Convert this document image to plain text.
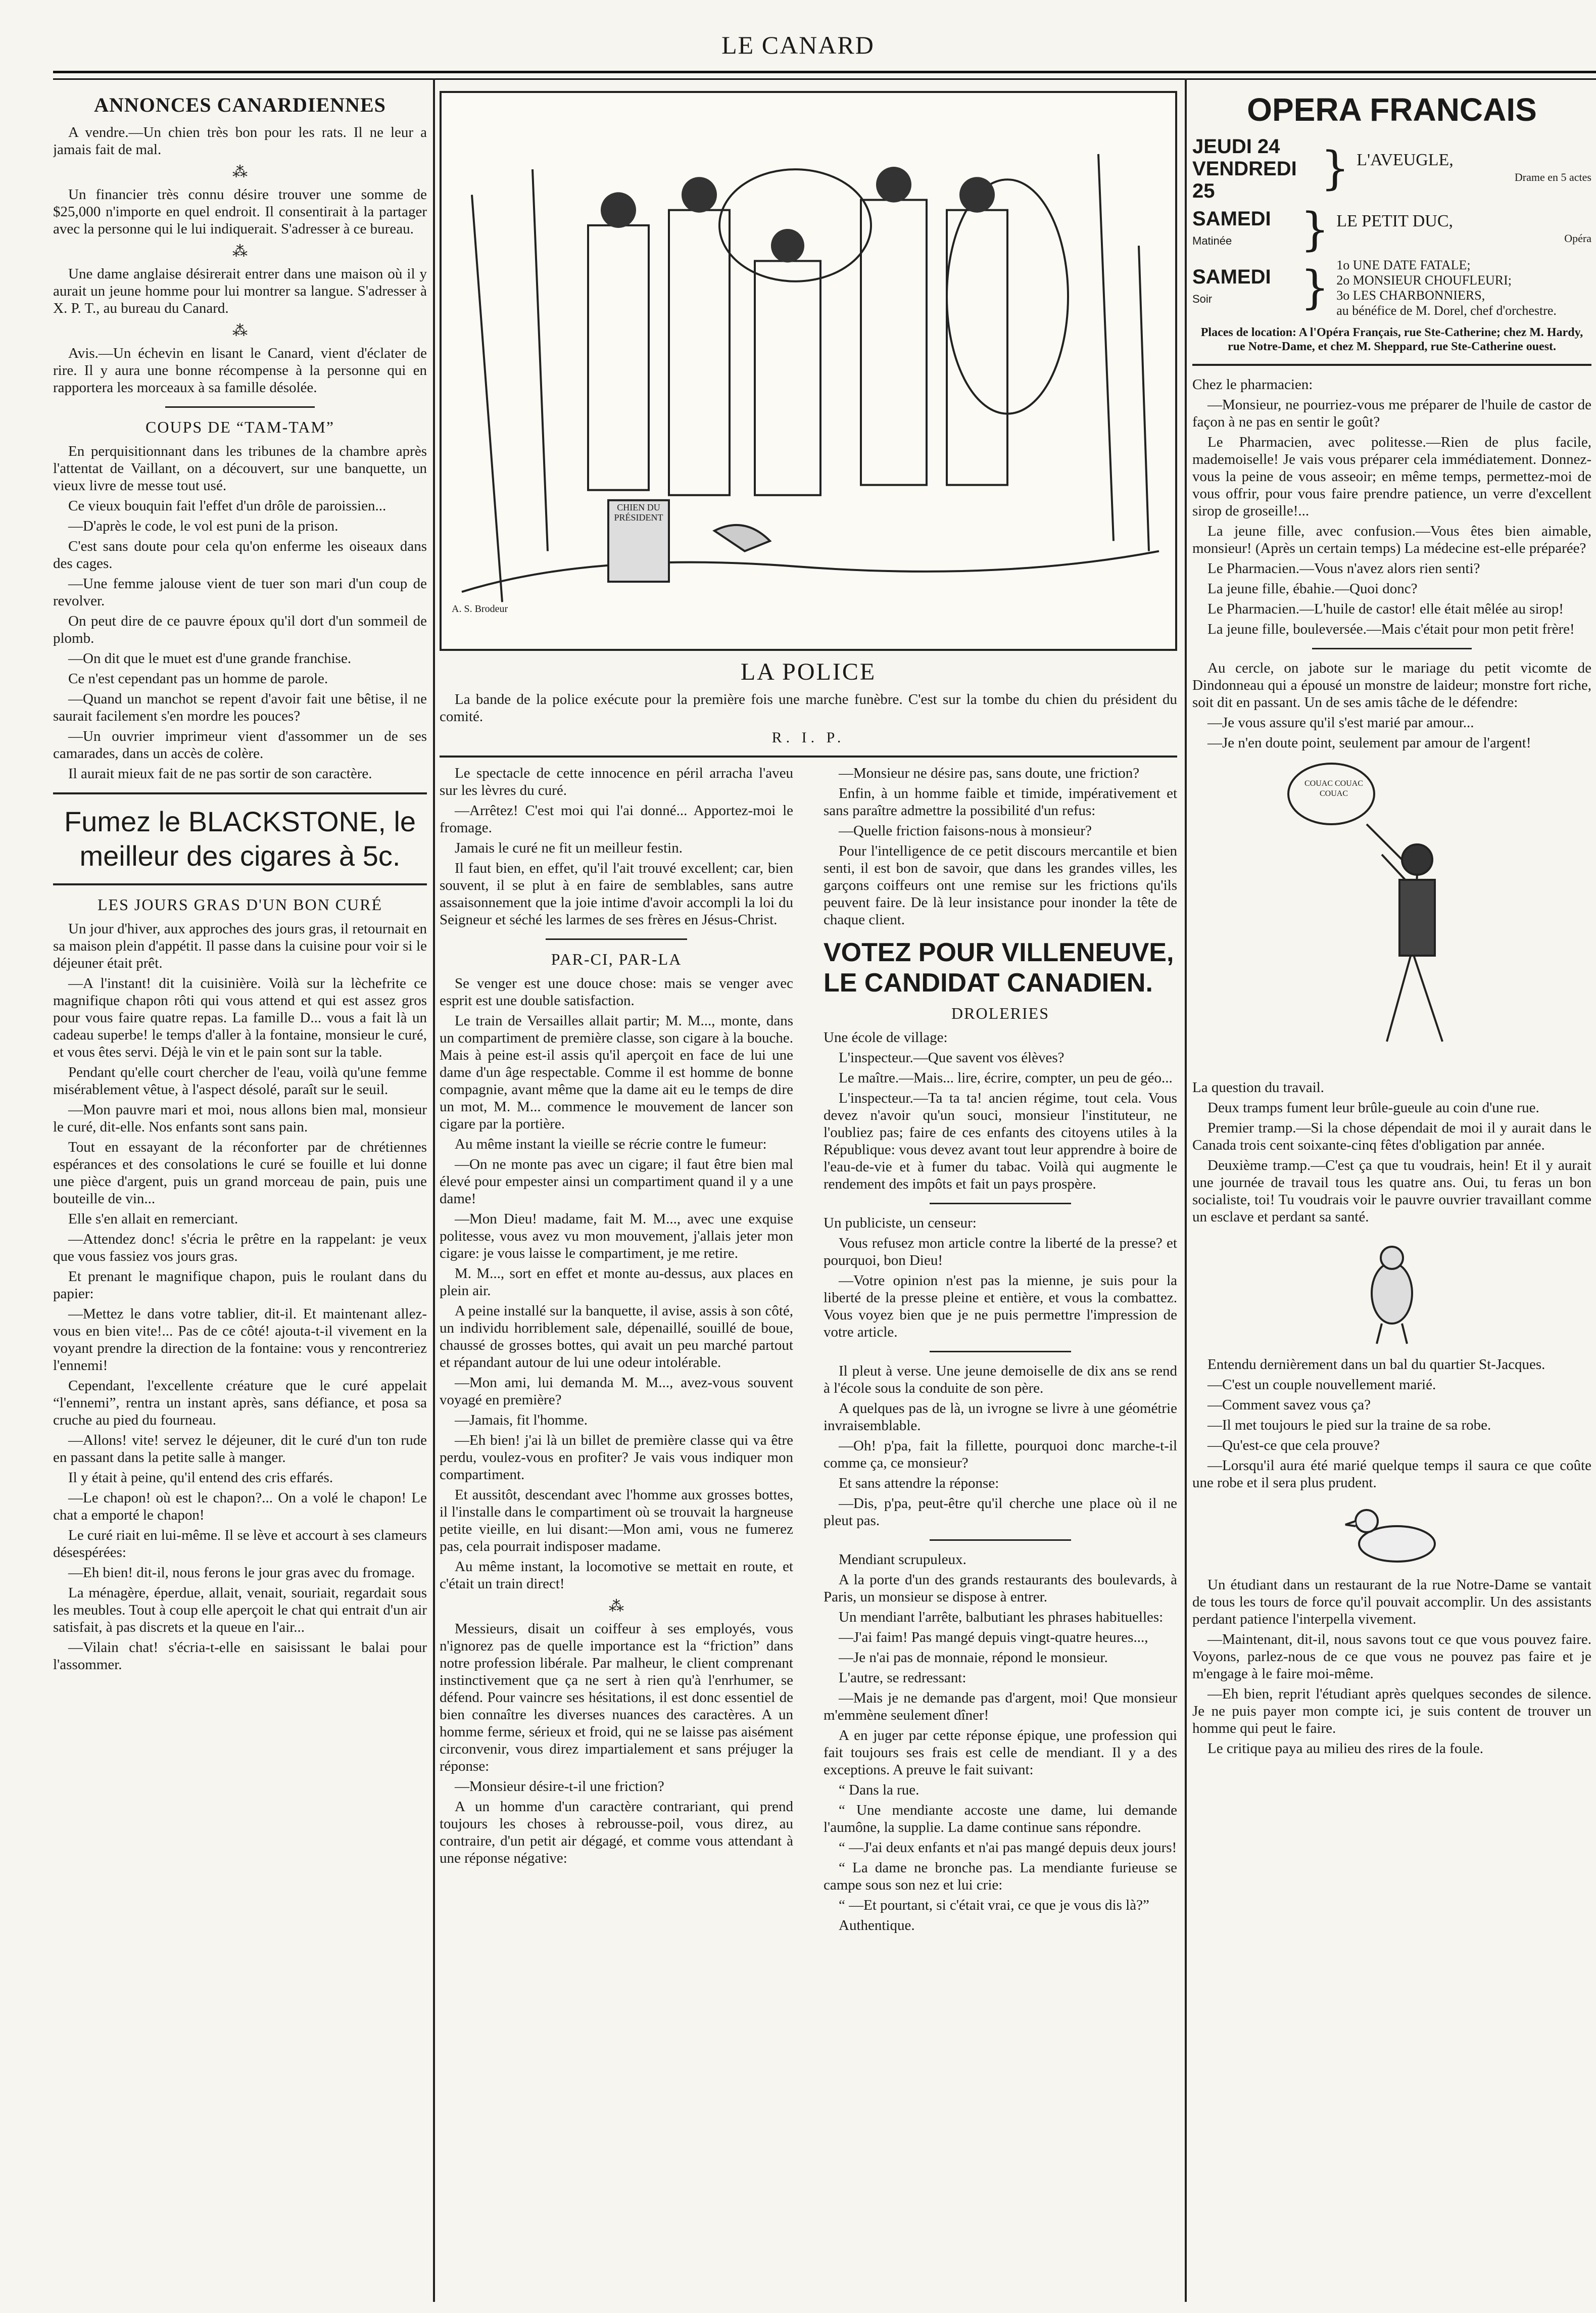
LE CANARD
ANNONCES CANARDIENNES

A vendre.—Un chien très bon pour les rats. Il ne leur a jamais fait de mal.

⁂

Un financier très connu désire trouver une somme de $25,000 n'importe en quel endroit. Il consentirait à la partager avec la personne qui le lui indiquerait. S'adresser à ce bureau.

⁂

Une dame anglaise désirerait entrer dans une maison où il y aurait un jeune homme pour lui montrer sa langue. S'adresser à X. P. T., au bureau du Canard.

⁂

Avis.—Un échevin en lisant le Canard, vient d'éclater de rire. Il y aura une bonne récompense à la personne qui en rapportera les morceaux à sa famille désolée.

COUPS DE “TAM-TAM”

En perquisitionnant dans les tribunes de la chambre après l'attentat de Vaillant, on a découvert, sur une banquette, un vieux livre de messe tout usé.

Ce vieux bouquin fait l'effet d'un drôle de paroissien...

—D'après le code, le vol est puni de la prison.

C'est sans doute pour cela qu'on enferme les oiseaux dans des cages.

—Une femme jalouse vient de tuer son mari d'un coup de revolver.

On peut dire de ce pauvre époux qu'il dort d'un sommeil de plomb.

—On dit que le muet est d'une grande franchise.

Ce n'est cependant pas un homme de parole.

—Quand un manchot se repent d'avoir fait une bêtise, il ne saurait facilement s'en mordre les pouces?

—Un ouvrier imprimeur vient d'assommer un de ses camarades, dans un accès de colère.

Il aurait mieux fait de ne pas sortir de son caractère.

Fumez le BLACKSTONE, le meilleur des cigares à 5c.
LES JOURS GRAS D'UN BON CURÉ

Un jour d'hiver, aux approches des jours gras, il retournait en sa maison plein d'appétit. Il passe dans la cuisine pour voir si le déjeuner était prêt.

—A l'instant! dit la cuisinière. Voilà sur la lèchefrite ce magnifique chapon rôti qui vous attend et qui est assez gros pour vous faire quatre repas. La famille D... vous a fait là un cadeau superbe! le temps d'aller à la fontaine, monsieur le curé, et vous êtes servi. Déjà le vin et le pain sont sur la table.

Pendant qu'elle court chercher de l'eau, voilà qu'une femme misérablement vêtue, à l'aspect désolé, paraît sur le seuil.

—Mon pauvre mari et moi, nous allons bien mal, monsieur le curé, dit-elle. Nos enfants sont sans pain.

Tout en essayant de la réconforter par de chrétiennes espérances et des consolations le curé se fouille et lui donne une pièce d'argent, puis un grand morceau de pain, puis une bouteille de vin...

Elle s'en allait en remerciant.

—Attendez donc! s'écria le prêtre en la rappelant: je veux que vous fassiez vos jours gras.

Et prenant le magnifique chapon, puis le roulant dans du papier:

—Mettez le dans votre tablier, dit-il. Et maintenant allez-vous en bien vite!... Pas de ce côté! ajouta-t-il vivement en la voyant prendre la direction de la fontaine: vous y rencontreriez l'ennemi!

Cependant, l'excellente créature que le curé appelait “l'ennemi”, rentra un instant après, sans défiance, et posa sa cruche au pied du fourneau.

—Allons! vite! servez le déjeuner, dit le curé d'un ton rude en passant dans la petite salle à manger.

Il y était à peine, qu'il entend des cris effarés.

—Le chapon! où est le chapon?... On a volé le chapon! Le chat a emporté le chapon!

Le curé riait en lui-même. Il se lève et accourt à ses clameurs désespérées:

—Eh bien! dit-il, nous ferons le jour gras avec du fromage.

La ménagère, éperdue, allait, venait, souriait, regardait sous les meubles. Tout à coup elle aperçoit le chat qui entrait d'un air satisfait, à pas discrets et la queue en l'air...

—Vilain chat! s'écria-t-elle en saisissant le balai pour l'assommer.

CHIEN DU PRÉSIDENT
A. S. Brodeur
LA POLICE

La bande de la police exécute pour la première fois une marche funèbre. C'est sur la tombe du chien du président du comité.

R. I. P.

Le spectacle de cette innocence en péril arracha l'aveu sur les lèvres du curé.

—Arrêtez! C'est moi qui l'ai donné... Apportez-moi le fromage.

Jamais le curé ne fit un meilleur festin.

Il faut bien, en effet, qu'il l'ait trouvé excellent; car, bien souvent, il se plut à en faire de semblables, sans autre assaisonnement que la joie intime d'avoir accompli la loi du Seigneur et séché les larmes de ses frères en Jésus-Christ.

PAR-CI, PAR-LA

Se venger est une douce chose: mais se venger avec esprit est une double satisfaction.

Le train de Versailles allait partir; M. M..., monte, dans un compartiment de première classe, son cigare à la bouche. Mais à peine est-il assis qu'il aperçoit en face de lui une dame d'un âge respectable. Comme il est homme de bonne compagnie, avant même que la dame ait eu le temps de dire un mot, M. M... commence le mouvement de lancer son cigare par la portière.

Au même instant la vieille se récrie contre le fumeur:

—On ne monte pas avec un cigare; il faut être bien mal élevé pour empester ainsi un compartiment quand il y a une dame!

—Mon Dieu! madame, fait M. M..., avec une exquise politesse, vous avez vu mon mouvement, j'allais jeter mon cigare: je vous laisse le compartiment, je me retire.

M. M..., sort en effet et monte au-dessus, aux places en plein air.

A peine installé sur la banquette, il avise, assis à son côté, un individu horriblement sale, dépenaillé, souillé de boue, chaussé de grosses bottes, qui avait un peu marché partout et répandant autour de lui une odeur intolérable.

—Mon ami, lui demanda M. M..., avez-vous souvent voyagé en première?

—Jamais, fit l'homme.

—Eh bien! j'ai là un billet de première classe qui va être perdu, voulez-vous en profiter? Je vais vous indiquer mon compartiment.

Et aussitôt, descendant avec l'homme aux grosses bottes, il l'installe dans le compartiment où se trouvait la hargneuse petite vieille, en lui disant:—Mon ami, vous ne fumerez pas, cela pourrait indisposer madame.

Au même instant, la locomotive se mettait en route, et c'était un train direct!

⁂

Messieurs, disait un coiffeur à ses employés, vous n'ignorez pas de quelle importance est la “friction” dans notre profession libérale. Par malheur, le client comprenant instinctivement que ça ne sert à rien qu'à l'enrhumer, se défend. Pour vaincre ses hésitations, il est donc essentiel de bien connaître les diverses nuances des caractères. A un homme ferme, sérieux et froid, qui ne se laisse pas aisément circonvenir, vous direz impartialement et sans préjuger la réponse:

—Monsieur désire-t-il une friction?

A un homme d'un caractère contrariant, qui prend toujours les choses à rebrousse-poil, vous direz, au contraire, d'un petit air dégagé, et comme vous attendant à une réponse négative:

—Monsieur ne désire pas, sans doute, une friction?

Enfin, à un homme faible et timide, impérativement et sans paraître admettre la possibilité d'un refus:

—Quelle friction faisons-nous à monsieur?

Pour l'intelligence de ce petit discours mercantile et bien senti, il est bon de savoir, que dans les grandes villes, les garçons coiffeurs ont une remise sur les frictions qu'ils peuvent faire. De là leur insistance pour inonder la tête de chaque client.

VOTEZ POUR VILLENEUVE, LE CANDIDAT CANADIEN.
DROLERIES

Une école de village:

L'inspecteur.—Que savent vos élèves?

Le maître.—Mais... lire, écrire, compter, un peu de géo...

L'inspecteur.—Ta ta ta! ancien régime, tout cela. Vous devez n'avoir qu'un souci, monsieur l'instituteur, ne l'oubliez pas; faire de ces enfants des citoyens utiles à la République: vous devez avant tout leur apprendre à boire de l'eau-de-vie et à fumer du tabac. Voilà qui augmente le rendement des impôts et fait un pays prospère.

Un publiciste, un censeur:

Vous refusez mon article contre la liberté de la presse? et pourquoi, bon Dieu!

—Votre opinion n'est pas la mienne, je suis pour la liberté de la presse pleine et entière, et vous la combattez. Vous voyez bien que je ne puis permettre l'impression de votre article.

Il pleut à verse. Une jeune demoiselle de dix ans se rend à l'école sous la conduite de son père.

A quelques pas de là, un ivrogne se livre à une géométrie invraisemblable.

—Oh! p'pa, fait la fillette, pourquoi donc marche-t-il comme ça, ce monsieur?

Et sans attendre la réponse:

—Dis, p'pa, peut-être qu'il cherche une place où il ne pleut pas.

Mendiant scrupuleux.

A la porte d'un des grands restaurants des boulevards, à Paris, un monsieur se dispose à entrer.

Un mendiant l'arrête, balbutiant les phrases habituelles:

—J'ai faim! Pas mangé depuis vingt-quatre heures...,

—Je n'ai pas de monnaie, répond le monsieur.

L'autre, se redressant:

—Mais je ne demande pas d'argent, moi! Que monsieur m'emmène seulement dîner!

A en juger par cette réponse épique, une profession qui fait toujours ses frais est celle de mendiant. Il y a des exceptions. A preuve le fait suivant:

“ Dans la rue.

“ Une mendiante accoste une dame, lui demande l'aumône, la supplie. La dame continue sans répondre.

“ —J'ai deux enfants et n'ai pas mangé depuis deux jours!

“ La dame ne bronche pas. La mendiante furieuse se campe sous son nez et lui crie:

“ —Et pourtant, si c'était vrai, ce que je vous dis là?”

Authentique.

OPERA FRANCAIS
JEUDI 24
VENDREDI 25	} L'AVEUGLE,
Drame en 5 actes
SAMEDI
Matinée	} LE PETIT DUC,
Opéra
SAMEDI
Soir	} 1o UNE DATE FATALE;
2o MONSIEUR CHOUFLEURI;
3o LES CHARBONNIERS,
au bénéfice de M. Dorel, chef d'orchestre.
Places de location: A l'Opéra Français, rue Ste-Catherine; chez M. Hardy, rue Notre-Dame, et chez M. Sheppard, rue Ste-Catherine ouest.

Chez le pharmacien:

—Monsieur, ne pourriez-vous me préparer de l'huile de castor de façon à ne pas en sentir le goût?

Le Pharmacien, avec politesse.—Rien de plus facile, mademoiselle! Je vais vous préparer cela immédiatement. Donnez-vous la peine de vous asseoir; en même temps, permettez-moi de vous offrir, pour vous faire prendre patience, un verre d'excellent sirop de groseille!...

La jeune fille, avec confusion.—Vous êtes bien aimable, monsieur! (Après un certain temps) La médecine est-elle préparée?

Le Pharmacien.—Vous n'avez alors rien senti?

La jeune fille, ébahie.—Quoi donc?

Le Pharmacien.—L'huile de castor! elle était mêlée au sirop!

La jeune fille, bouleversée.—Mais c'était pour mon petit frère!

Au cercle, on jabote sur le mariage du petit vicomte de Dindonneau qui a épousé un monstre de laideur; monstre fort riche, soit dit en passant. Un de ses amis tâche de le défendre:

—Je vous assure qu'il s'est marié par amour...

—Je n'en doute point, seulement par amour de l'argent!

COUAC COUAC COUAC

La question du travail.

Deux tramps fument leur brûle-gueule au coin d'une rue.

Premier tramp.—Si la chose dépendait de moi il y aurait dans le Canada trois cent soixante-cinq fêtes d'obligation par année.

Deuxième tramp.—C'est ça que tu voudrais, hein! Et il y aurait une journée de travail tous les quatre ans. Oui, tu feras un bon socialiste, toi! Tu voudrais voir le pauvre ouvrier travaillant comme un esclave et perdant sa santé.

Entendu dernièrement dans un bal du quartier St-Jacques.

—C'est un couple nouvellement marié.

—Comment savez vous ça?

—Il met toujours le pied sur la traine de sa robe.

—Qu'est-ce que cela prouve?

—Lorsqu'il aura été marié quelque temps il saura ce que coûte une robe et il sera plus prudent.

Un étudiant dans un restaurant de la rue Notre-Dame se vantait de tous les tours de force qu'il pouvait accomplir. Un des assistants perdant patience l'interpella vivement.

—Maintenant, dit-il, nous savons tout ce que vous pouvez faire. Voyons, parlez-nous de ce que vous ne pouvez pas faire et je m'engage à le faire moi-même.

—Eh bien, reprit l'étudiant après quelques secondes de silence. Je ne puis payer mon compte ici, je suis content de trouver un homme qui peut le faire.

Le critique paya au milieu des rires de la foule.
